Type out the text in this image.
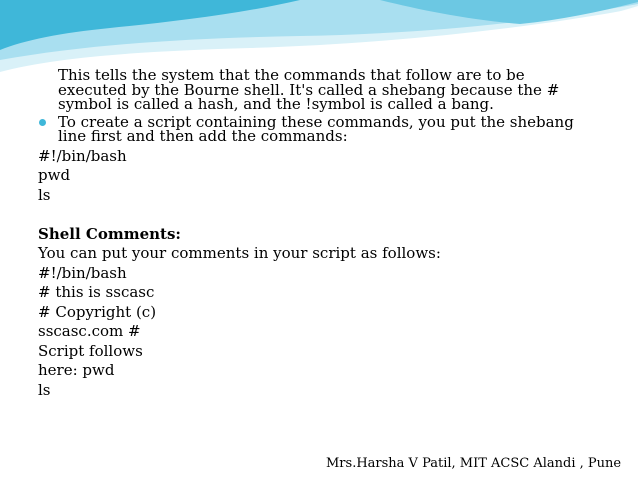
This tells the system that the commands that follow are to be executed by the Bourne shell. It's called a shebang because the # symbol is called a hash, and the !symbol is called a bang.

To create a script containing these commands, you put the shebang line first and then add the commands:
#!/bin/bash
pwd
ls
Shell Comments:
You can put your comments in your script as follows:
#!/bin/bash
# this is sscasc
# Copyright (c)
sscasc.com #
Script follows
here: pwd
ls
Mrs.Harsha V Patil, MIT ACSC Alandi , Pune
